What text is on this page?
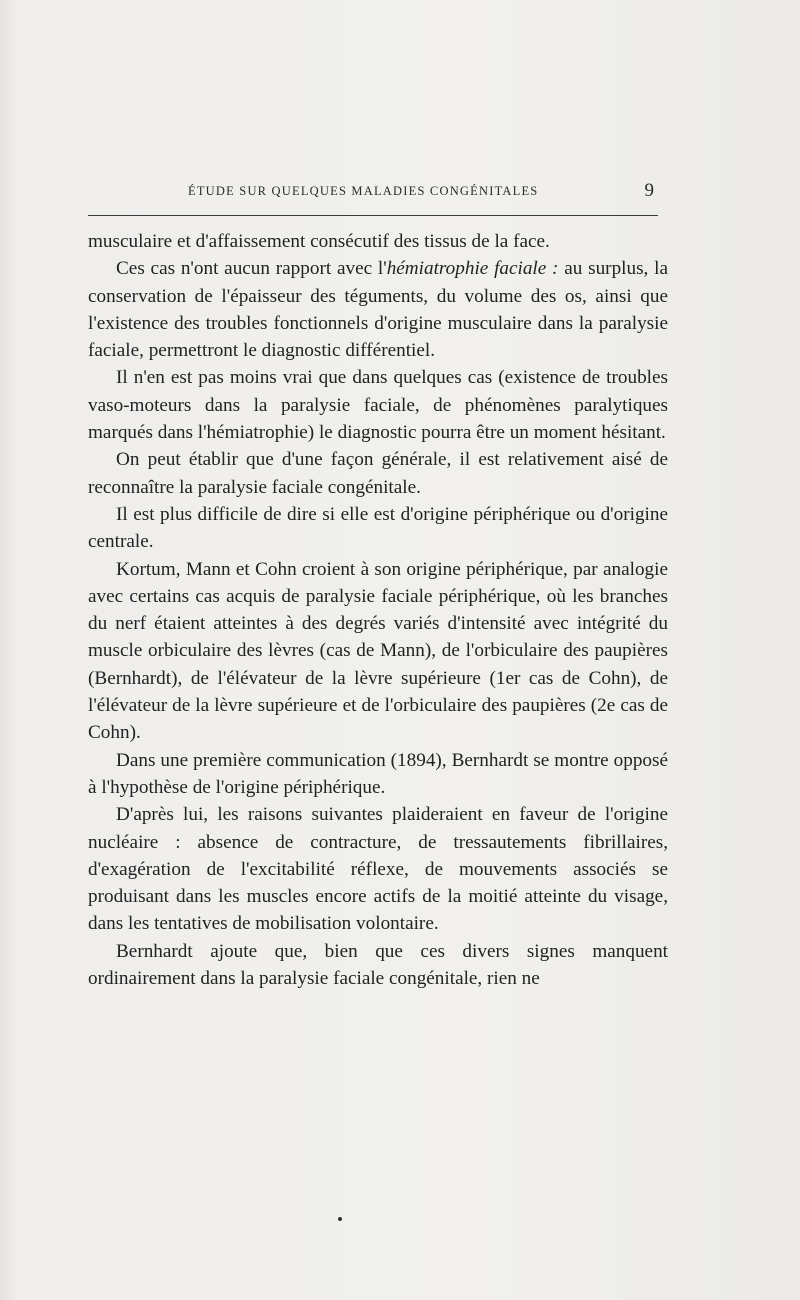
ÉTUDE SUR QUELQUES MALADIES CONGÉNITALES	9

musculaire et d'affaissement consécutif des tissus de la face.

Ces cas n'ont aucun rapport avec l'hémiatrophie faciale : au surplus, la conservation de l'épaisseur des téguments, du volume des os, ainsi que l'existence des troubles fonctionnels d'origine musculaire dans la paralysie faciale, permettront le diagnostic différentiel.

Il n'en est pas moins vrai que dans quelques cas (existence de troubles vaso-moteurs dans la paralysie faciale, de phénomènes paralytiques marqués dans l'hémiatrophie) le diagnostic pourra être un moment hésitant.

On peut établir que d'une façon générale, il est relativement aisé de reconnaître la paralysie faciale congénitale.

Il est plus difficile de dire si elle est d'origine périphérique ou d'origine centrale.

Kortum, Mann et Cohn croient à son origine périphérique, par analogie avec certains cas acquis de paralysie faciale périphérique, où les branches du nerf étaient atteintes à des degrés variés d'intensité avec intégrité du muscle orbiculaire des lèvres (cas de Mann), de l'orbiculaire des paupières (Bernhardt), de l'élévateur de la lèvre supérieure (1er cas de Cohn), de l'élévateur de la lèvre supérieure et de l'orbiculaire des paupières (2e cas de Cohn).

Dans une première communication (1894), Bernhardt se montre opposé à l'hypothèse de l'origine périphérique.

D'après lui, les raisons suivantes plaideraient en faveur de l'origine nucléaire : absence de contracture, de tressautements fibrillaires, d'exagération de l'excitabilité réflexe, de mouvements associés se produisant dans les muscles encore actifs de la moitié atteinte du visage, dans les tentatives de mobilisation volontaire.

Bernhardt ajoute que, bien que ces divers signes manquent ordinairement dans la paralysie faciale congénitale, rien ne
